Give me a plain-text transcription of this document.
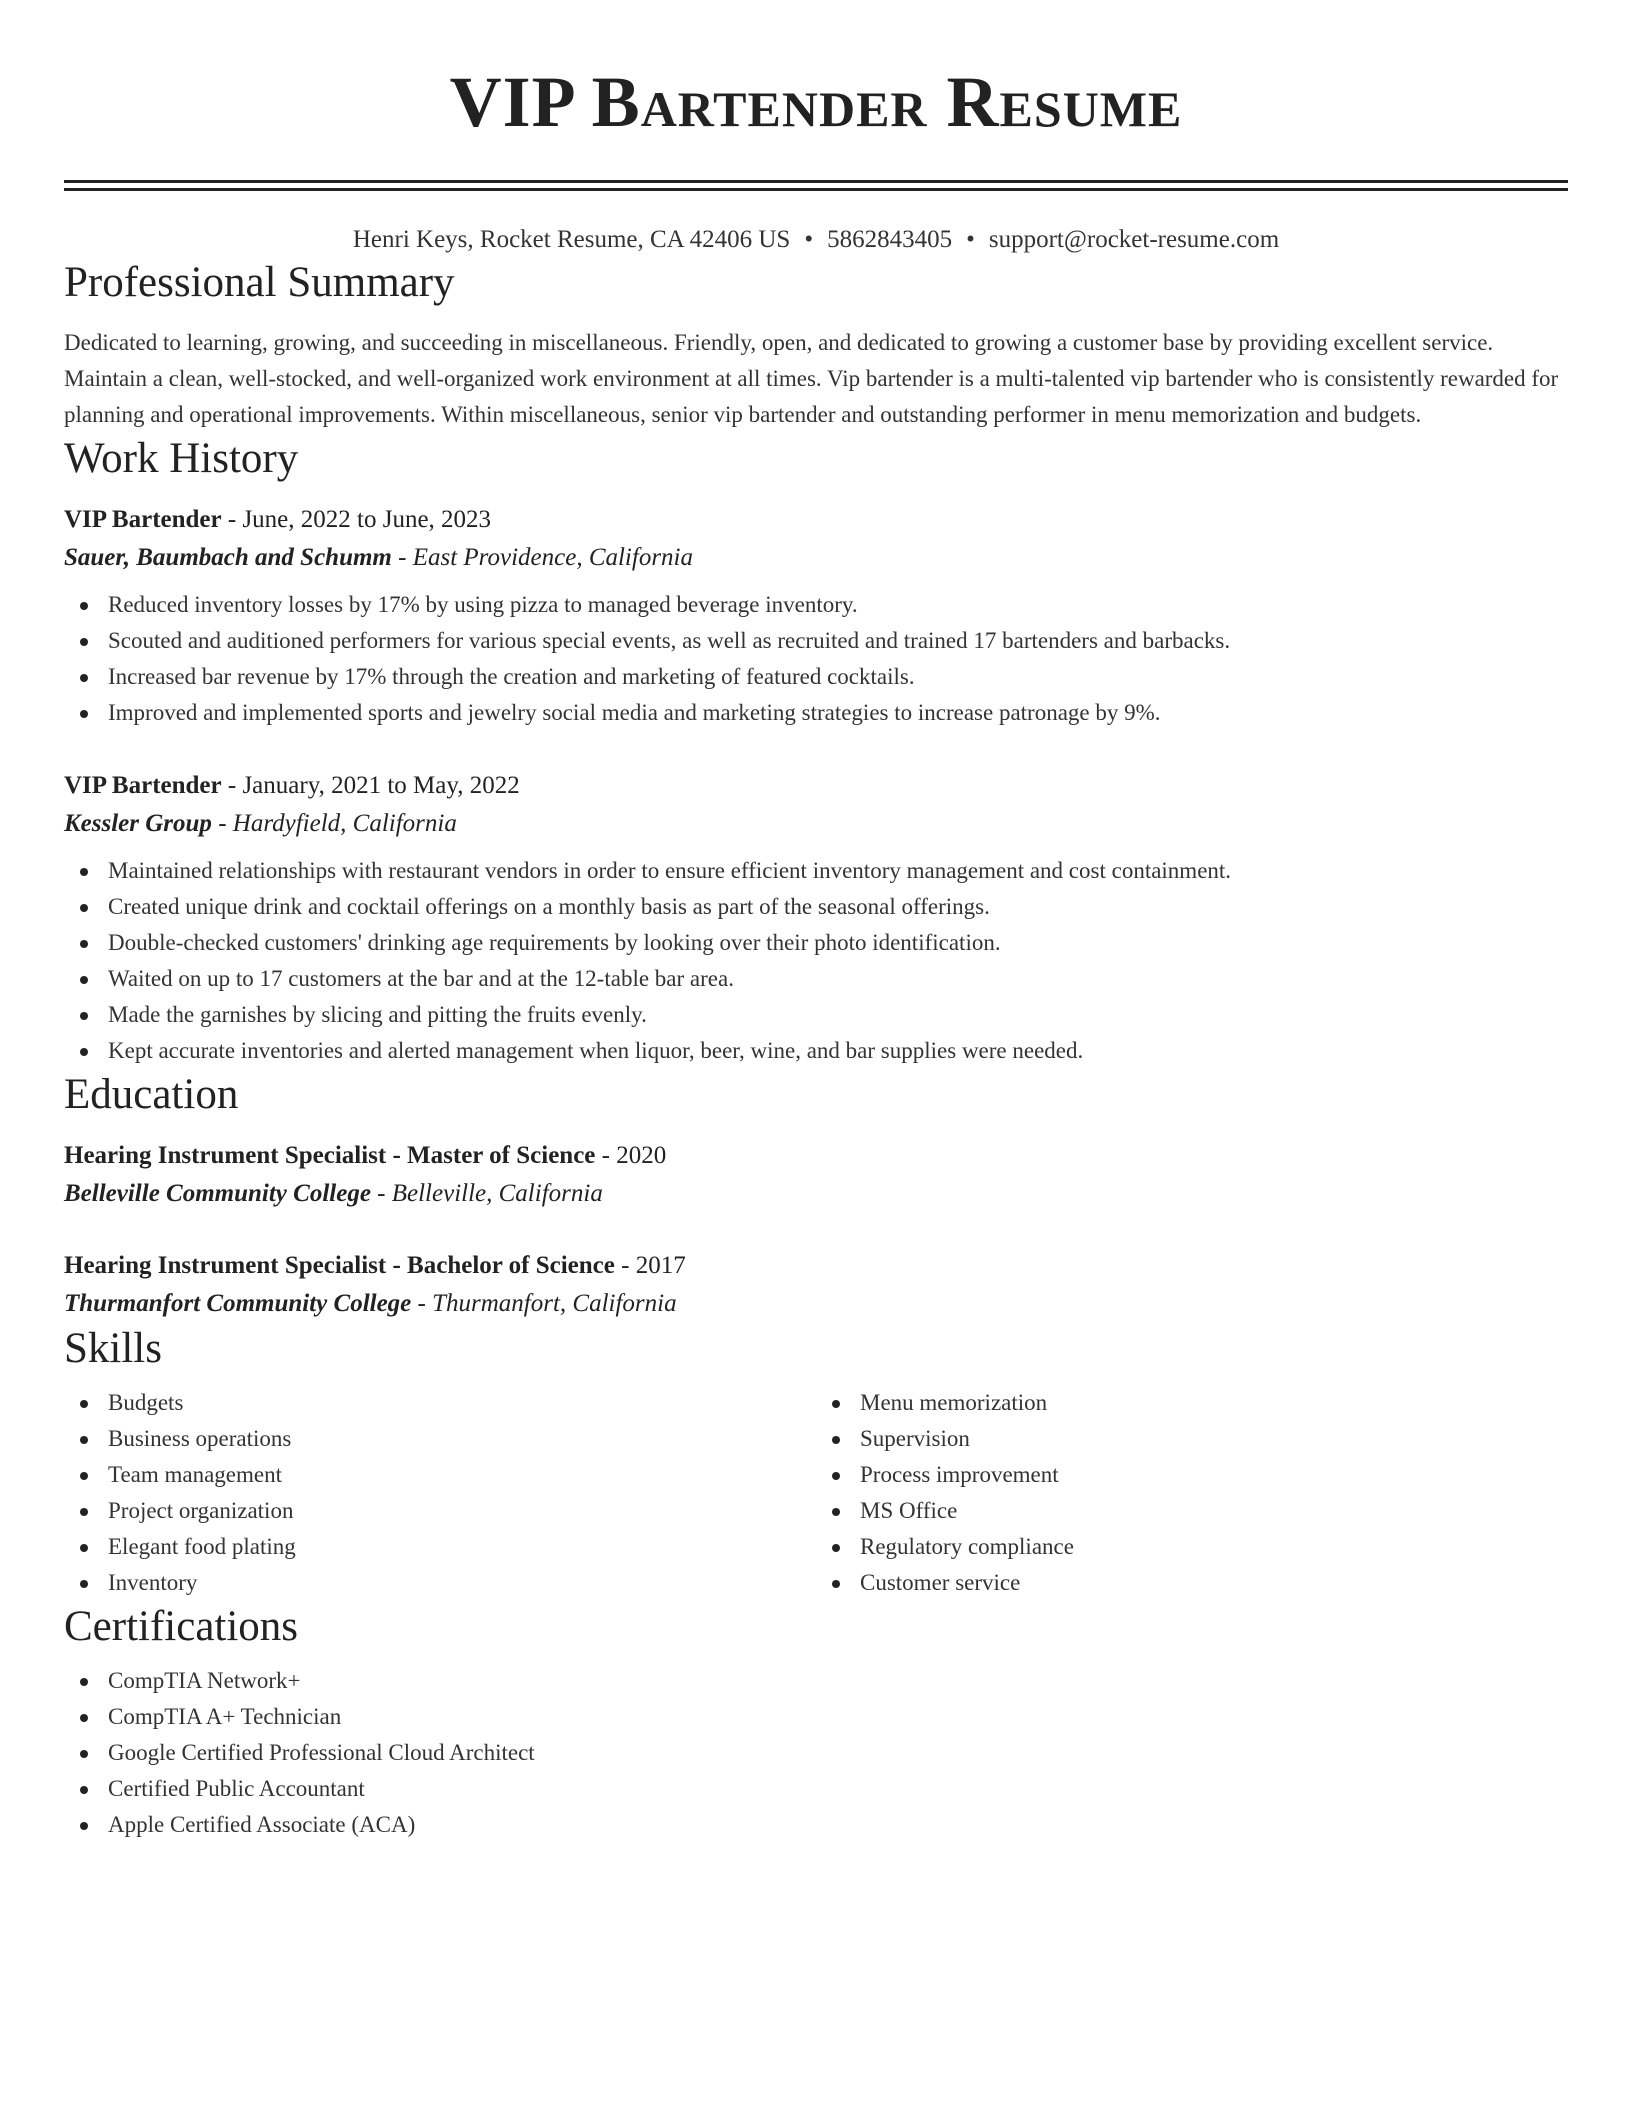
VIP Bartender Resume
Henri Keys, Rocket Resume, CA 42406 US • 5862843405 • support@rocket-resume.com
Professional Summary

Dedicated to learning, growing, and succeeding in miscellaneous. Friendly, open, and dedicated to growing a customer base by providing excellent service. Maintain a clean, well-stocked, and well-organized work environment at all times. Vip bartender is a multi-talented vip bartender who is consistently rewarded for planning and operational improvements. Within miscellaneous, senior vip bartender and outstanding performer in menu memorization and budgets.

Work History
VIP Bartender - June, 2022 to June, 2023
Sauer, Baumbach and Schumm - East Providence, California
Reduced inventory losses by 17% by using pizza to managed beverage inventory.
Scouted and auditioned performers for various special events, as well as recruited and trained 17 bartenders and barbacks.
Increased bar revenue by 17% through the creation and marketing of featured cocktails.
Improved and implemented sports and jewelry social media and marketing strategies to increase patronage by 9%.
VIP Bartender - January, 2021 to May, 2022
Kessler Group - Hardyfield, California
Maintained relationships with restaurant vendors in order to ensure efficient inventory management and cost containment.
Created unique drink and cocktail offerings on a monthly basis as part of the seasonal offerings.
Double-checked customers' drinking age requirements by looking over their photo identification.
Waited on up to 17 customers at the bar and at the 12-table bar area.
Made the garnishes by slicing and pitting the fruits evenly.
Kept accurate inventories and alerted management when liquor, beer, wine, and bar supplies were needed.
Education
Hearing Instrument Specialist - Master of Science - 2020
Belleville Community College - Belleville, California
Hearing Instrument Specialist - Bachelor of Science - 2017
Thurmanfort Community College - Thurmanfort, California
Skills
Budgets
Business operations
Team management
Project organization
Elegant food plating
Inventory
Menu memorization
Supervision
Process improvement
MS Office
Regulatory compliance
Customer service
Certifications
CompTIA Network+
CompTIA A+ Technician
Google Certified Professional Cloud Architect
Certified Public Accountant
Apple Certified Associate (ACA)
